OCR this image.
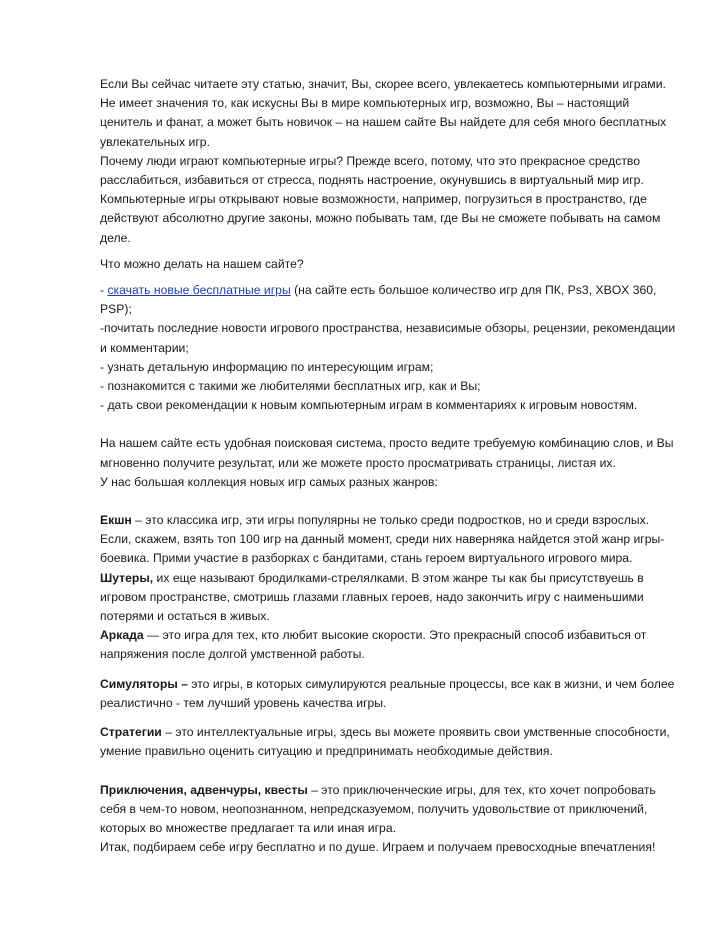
Если Вы сейчас читаете эту статью, значит, Вы, скорее всего, увлекаетесь компьютерными играми. Не имеет значения то, как искусны Вы в мире компьютерных игр, возможно, Вы – настоящий ценитель и фанат, а может быть новичок – на нашем сайте Вы найдете для себя много бесплатных увлекательных игр.

Почему люди играют компьютерные игры? Прежде всего, потому, что это прекрасное средство расслабиться, избавиться от стресса, поднять настроение, окунувшись в виртуальный мир игр.

Компьютерные игры открывают новые возможности, например, погрузиться в пространство, где действуют абсолютно другие законы, можно побывать там, где Вы не сможете побывать на самом деле.

Что можно делать на нашем сайте?

- скачать новые бесплатные игры (на сайте есть большое количество игр для ПК, Ps3, XBOX 360, PSP);

-почитать последние новости игрового пространства, независимые обзоры, рецензии, рекомендации и комментарии;

- узнать детальную информацию по интересующим играм;

- познакомится с такими же любителями бесплатных игр, как и Вы;

- дать свои рекомендации к новым компьютерным играм в комментариях к игровым новостям.

На нашем сайте есть удобная поисковая система, просто ведите требуемую комбинацию слов, и Вы мгновенно получите результат, или же можете просто просматривать страницы, листая их.

У нас большая коллекция новых игр самых разных жанров:

Екшн – это классика игр, эти игры популярны не только среди подростков, но и среди взрослых. Если, скажем, взять топ 100 игр на данный момент, среди них наверняка найдется этой жанр игры-боевика. Прими участие в разборках с бандитами, стань героем виртуального игрового мира.

Шутеры, их еще называют бродилками-стрелялками. В этом жанре ты как бы присутствуешь в игровом пространстве, смотришь глазами главных героев, надо закончить игру с наименьшими потерями и остаться в живых.

Аркада — это игра для тех, кто любит высокие скорости. Это прекрасный способ избавиться от напряжения после долгой умственной работы.

Симуляторы – это игры, в которых симулируются реальные процессы, все как в жизни, и чем более реалистично - тем лучший уровень качества игры.

Стратегии – это интеллектуальные игры, здесь вы можете проявить свои умственные способности, умение правильно оценить ситуацию и предпринимать необходимые действия.

Приключения, адвенчуры, квесты – это приключенческие игры, для тех, кто хочет попробовать себя в чем-то новом, неопознанном, непредсказуемом, получить удовольствие от приключений, которых во множестве предлагает та или иная игра.

Итак, подбираем себе игру бесплатно и по душе. Играем и получаем превосходные впечатления!
